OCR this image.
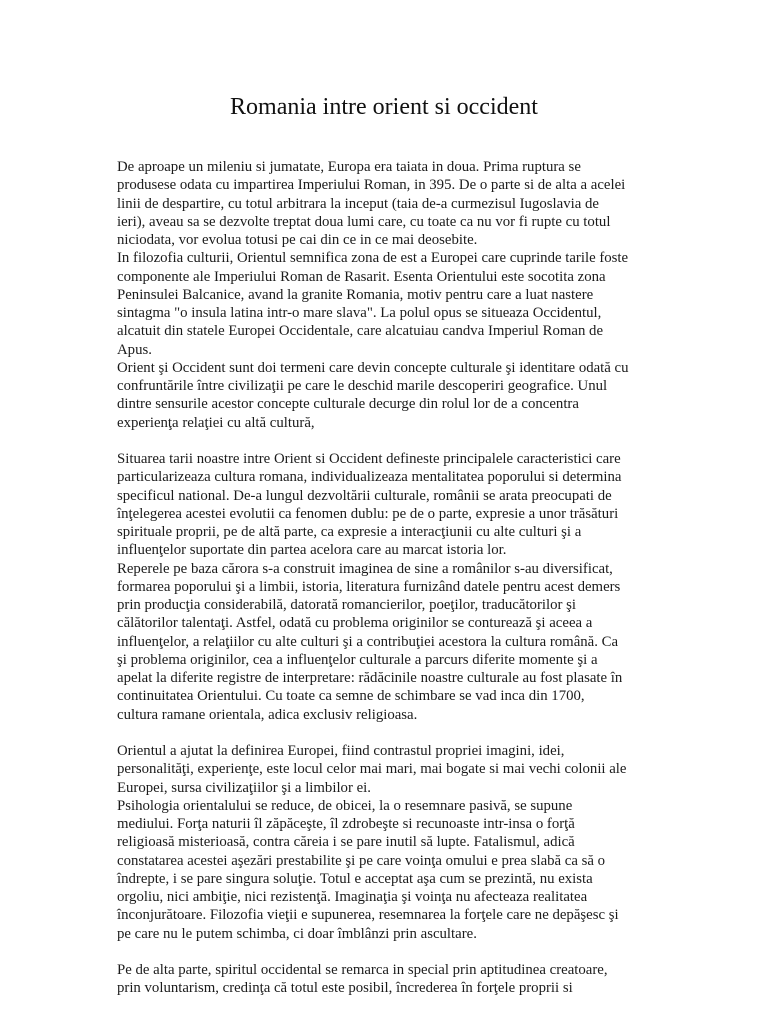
Romania intre orient si occident

De aproape un mileniu si jumatate, Europa era taiata in doua. Prima ruptura se
produsese odata cu impartirea Imperiului Roman, in 395. De o parte si de alta a acelei
linii de despartire, cu totul arbitrara la inceput (taia de-a curmezisul Iugoslavia de
ieri), aveau sa se dezvolte treptat doua lumi care, cu toate ca nu vor fi rupte cu totul
niciodata, vor evolua totusi pe cai din ce in ce mai deosebite.

In filozofia culturii, Orientul semnifica zona de est a Europei care cuprinde tarile foste
componente ale Imperiului Roman de Rasarit. Esenta Orientului este socotita zona
Peninsulei Balcanice, avand la granite Romania, motiv pentru care a luat nastere
sintagma "o insula latina intr-o mare slava". La polul opus se situeaza Occidentul,
alcatuit din statele Europei Occidentale, care alcatuiau candva Imperiul Roman de
Apus.

Orient şi Occident sunt doi termeni care devin concepte culturale şi identitare odată cu
confruntările între civilizaţii pe care le deschid marile descoperiri geografice. Unul
dintre sensurile acestor concepte culturale decurge din rolul lor de a concentra
experienţa relaţiei cu altă cultură,

Situarea tarii noastre intre Orient si Occident defineste principalele caracteristici care
particularizeaza cultura romana, individualizeaza mentalitatea poporului si determina
specificul national. De-a lungul dezvoltării culturale, românii se arata preocupati de
înţelegerea acestei evolutii ca fenomen dublu: pe de o parte, expresie a unor trăsături
spirituale proprii, pe de altă parte, ca expresie a interacţiunii cu alte culturi şi a
influenţelor suportate din partea acelora care au marcat istoria lor.

Reperele pe baza cărora s-a construit imaginea de sine a românilor s-au diversificat,
formarea poporului şi a limbii, istoria, literatura furnizând datele pentru acest demers
prin producţia considerabilă, datorată romancierilor, poeţilor, traducătorilor şi
călătorilor talentaţi. Astfel, odată cu problema originilor se conturează şi aceea a
influenţelor, a relaţiilor cu alte culturi şi a contribuţiei acestora la cultura română. Ca
şi problema originilor, cea a influenţelor culturale a parcurs diferite momente şi a
apelat la diferite registre de interpretare: rădăcinile noastre culturale au fost plasate în
continuitatea Orientului. Cu toate ca semne de schimbare se vad inca din 1700,
cultura ramane orientala, adica exclusiv religioasa.

Orientul a ajutat la definirea Europei, fiind contrastul propriei imagini, idei,
personalităţi, experienţe, este locul celor mai mari, mai bogate si mai vechi colonii ale
Europei, sursa civilizaţiilor şi a limbilor ei.

Psihologia orientalului se reduce, de obicei, la o resemnare pasivă, se supune
mediului. Forţa naturii îl zăpăceşte, îl zdrobeşte si recunoaste intr-insa o forţă
religioasă misterioasă, contra căreia i se pare inutil să lupte. Fatalismul, adică
constatarea acestei aşezări prestabilite şi pe care voinţa omului e prea slabă ca să o
îndrepte, i se pare singura soluţie. Totul e acceptat aşa cum se prezintă, nu exista
orgoliu, nici ambiţie, nici rezistenţă. Imaginaţia şi voinţa nu afecteaza realitatea
înconjurătoare. Filozofia vieţii e supunerea, resemnarea la forţele care ne depăşesc şi
pe care nu le putem schimba, ci doar îmblânzi prin ascultare.

Pe de alta parte, spiritul occidental se remarca in special prin aptitudinea creatoare,
prin voluntarism, credinţa că totul este posibil, încrederea în forţele proprii si
